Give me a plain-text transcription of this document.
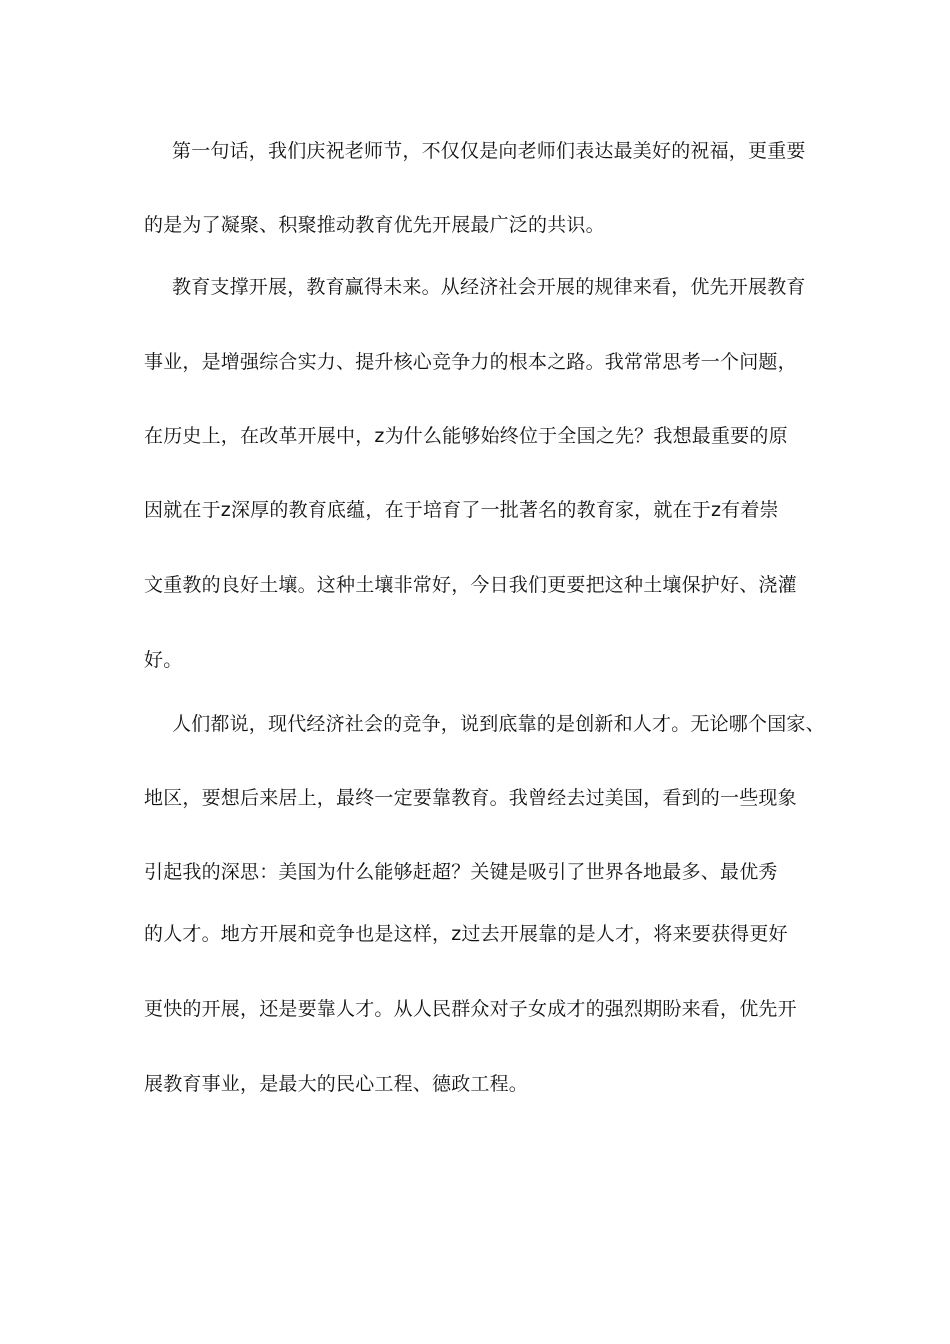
第一句话，我们庆祝老师节，不仅仅是向老师们表达最美好的祝福，更重要
的是为了凝聚、积聚推动教育优先开展最广泛的共识。
教育支撑开展，教育赢得未来。从经济社会开展的规律来看，优先开展教育
事业，是增强综合实力、提升核心竞争力的根本之路。我常常思考一个问题，
在历史上，在改革开展中，z为什么能够始终位于全国之先？我想最重要的原
因就在于z深厚的教育底蕴，在于培育了一批著名的教育家，就在于z有着崇
文重教的良好土壤。这种土壤非常好，今日我们更要把这种土壤保护好、浇灌
好。
人们都说，现代经济社会的竞争，说到底靠的是创新和人才。无论哪个国家、
地区，要想后来居上，最终一定要靠教育。我曾经去过美国，看到的一些现象
引起我的深思：美国为什么能够赶超？关键是吸引了世界各地最多、最优秀
的人才。地方开展和竞争也是这样，z过去开展靠的是人才，将来要获得更好
更快的开展，还是要靠人才。从人民群众对子女成才的强烈期盼来看，优先开
展教育事业，是最大的民心工程、德政工程。
